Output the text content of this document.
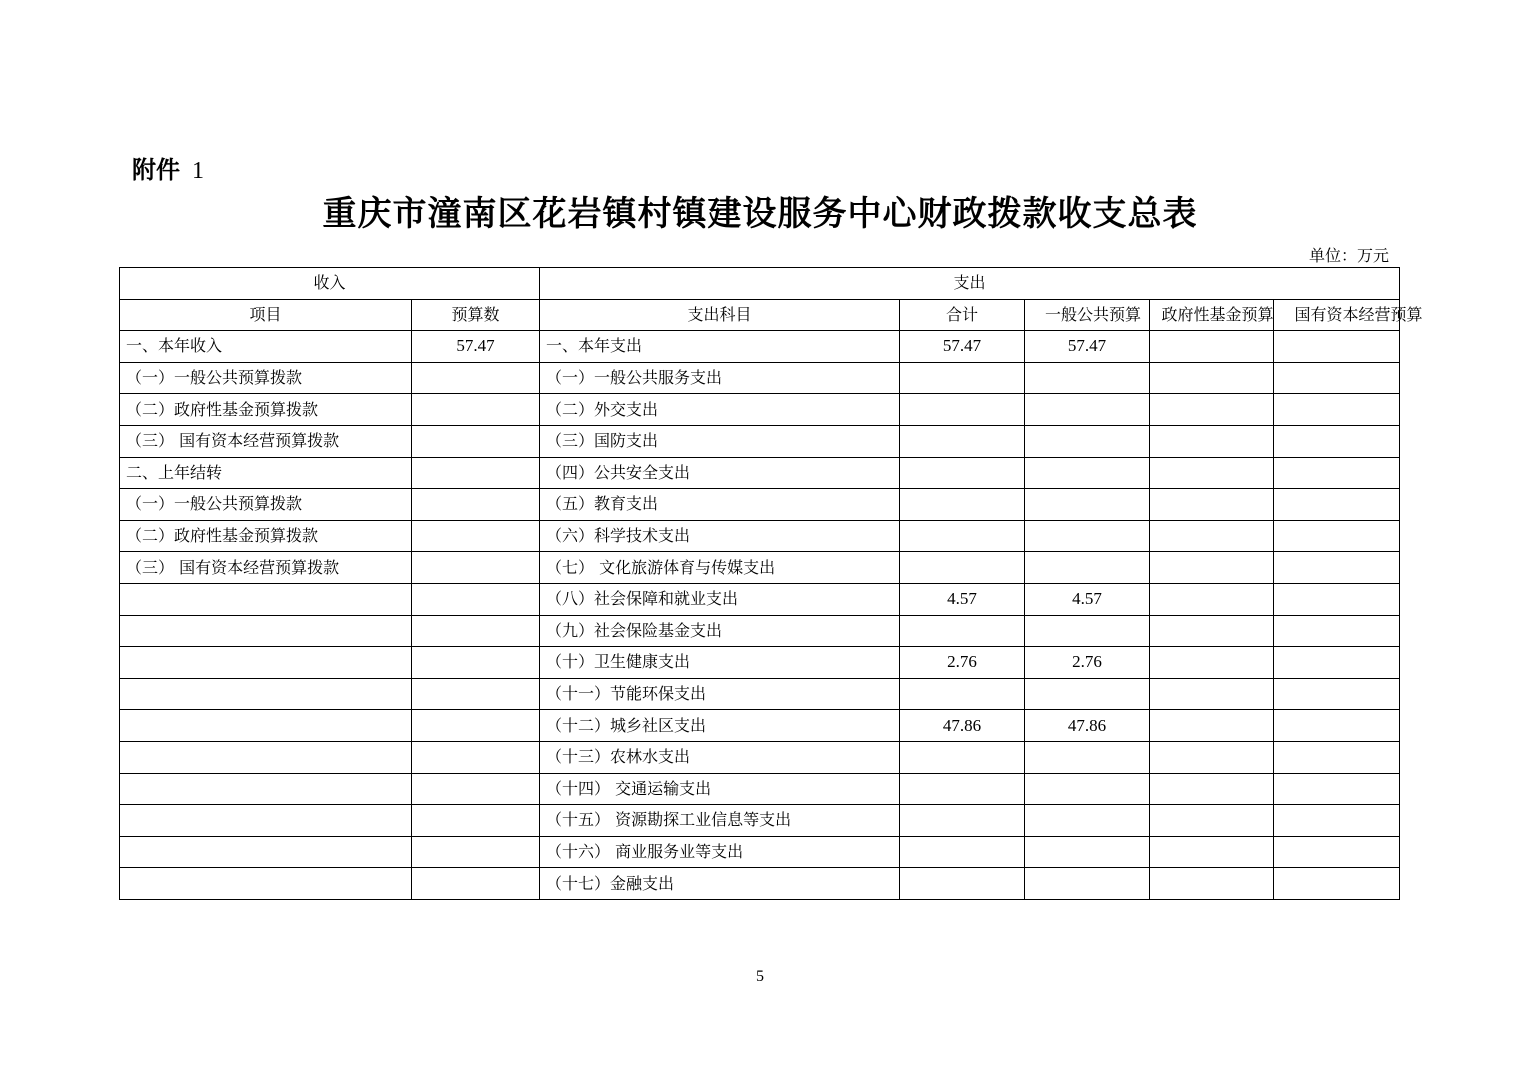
附件 1
重庆市潼南区花岩镇村镇建设服务中心财政拨款收支总表
单位：万元
收入		支出				
项目	预算数	支出科目	合计	一般公共预算	政府性基金预算	国有资本经营预算

一、本年收入	57.47	一、本年支出	57.47	57.47		
（一）一般公共预算拨款		（一）一般公共服务支出				
（二）政府性基金预算拨款		（二）外交支出				
（三） 国有资本经营预算拨款		（三）国防支出				
二、上年结转		（四）公共安全支出				
（一）一般公共预算拨款		（五）教育支出				
（二）政府性基金预算拨款		（六）科学技术支出				
（三） 国有资本经营预算拨款		（七） 文化旅游体育与传媒支出				
		（八）社会保障和就业支出	4.57	4.57		
		（九）社会保险基金支出				
		（十）卫生健康支出	2.76	2.76		
		（十一）节能环保支出				
		（十二）城乡社区支出	47.86	47.86		
		（十三）农林水支出				
		（十四） 交通运输支出				
		（十五） 资源勘探工业信息等支出				
		（十六） 商业服务业等支出				
		（十七）金融支出				
5
